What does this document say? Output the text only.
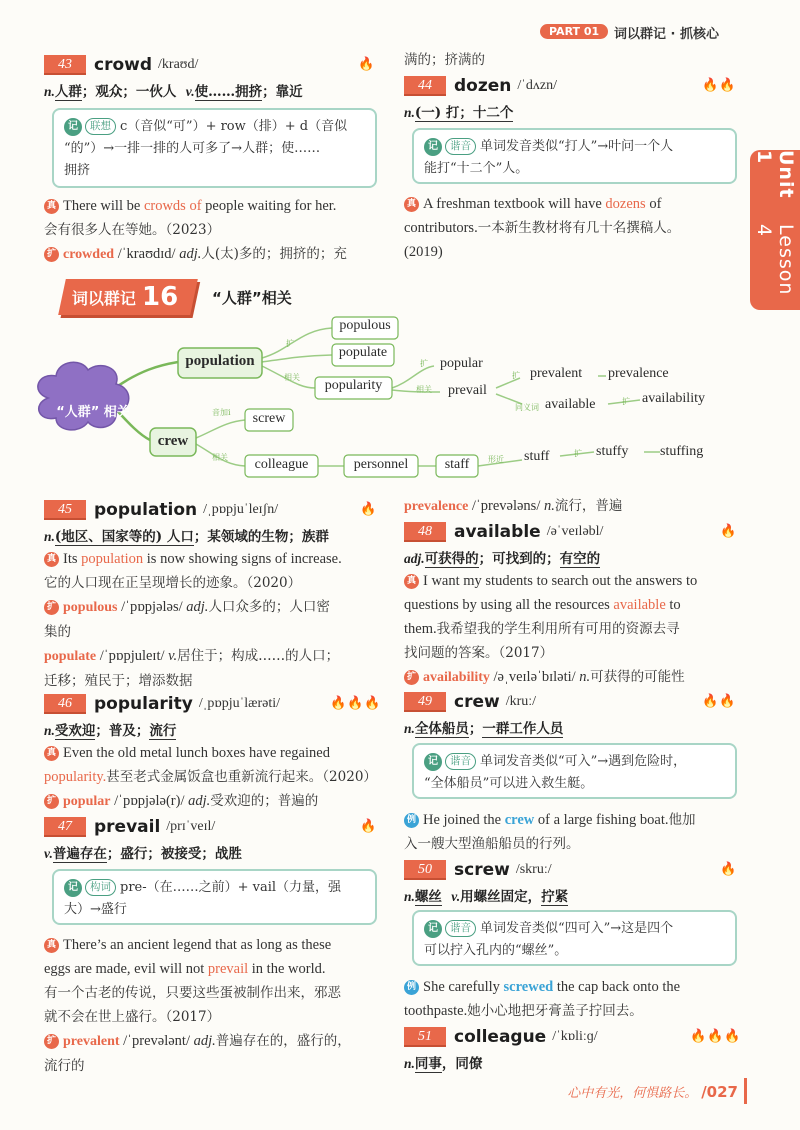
PART 01	词以群记 · 抓核心
Unit 1
Lesson 4
43	crowd /kraʊd/	🔥
n.人群；观众；一伙人 v.使……拥挤；靠近
记 联想 c（音似“可”）+ row（排）+ d（音似
“的”）→一排一排的人可多了→人群；使……
拥挤
真 There will be crowds of people waiting for her.
会有很多人在等她。（2023）
扩 crowded /ˈkraʊdɪd/ adj.人(太)多的；拥挤的；充
满的；挤满的
44	dozen /ˈdʌzn/	🔥🔥
n.(一) 打；十二个
记 谐音 单词发音类似“打人”→叶问一个人
能打“十二个”人。
真 A freshman textbook will have dozens of
contributors.一本新生教材将有几十名撰稿人。
(2019)
词以群记 16 “人群”相关
“人群” 相关
population
crew
populous
populate
popularity
popular
prevail
prevalent prevalence
available	availability
screw
colleague	personnel	staff
stuff	stuffy stuffing
扩
相关
扩
相关
扩
同义词
扩
音加i
相关	形近
扩
45	population /ˌpɒpjuˈleɪʃn/	🔥
n.(地区、国家等的) 人口；某领域的生物；族群
真 Its population is now showing signs of increase.
它的人口现在正呈现增长的迹象。（2020）
扩 populous /ˈpɒpjələs/ adj.人口众多的；人口密
集的
populate /ˈpɒpjuleɪt/ v.居住于；构成……的人口；
迁移；殖民于；增添数据
46	popularity /ˌpɒpjuˈlærəti/	🔥🔥🔥
n.受欢迎；普及；流行
真 Even the old metal lunch boxes have regained
popularity.甚至老式金属饭盒也重新流行起来。（2020）
扩 popular /ˈpɒpjələ(r)/ adj.受欢迎的；普遍的
47	prevail /prɪˈveɪl/	🔥
v.普遍存在；盛行；被接受；战胜
记 构词 pre-（在……之前）+ vail（力量，强
大）→盛行
真 There’s an ancient legend that as long as these
eggs are made, evil will not prevail in the world.
有一个古老的传说，只要这些蛋被制作出来，邪恶
就不会在世上盛行。（2017）
扩 prevalent /ˈprevələnt/ adj.普遍存在的，盛行的，
流行的
prevalence /ˈprevələns/ n.流行，普遍
48	available /əˈveɪləbl/	🔥
adj.可获得的；可找到的；有空的
真 I want my students to search out the answers to
questions by using all the resources available to
them.我希望我的学生利用所有可用的资源去寻
找问题的答案。（2017）
扩 availability /əˌveɪləˈbɪləti/ n.可获得的可能性
49	crew /kruː/	🔥🔥
n.全体船员；一群工作人员
记 谐音 单词发音类似“可入”→遇到危险时，
“全体船员”可以进入救生艇。
例 He joined the crew of a large fishing boat.他加
入一艘大型渔船船员的行列。
50	screw /skruː/	🔥
n.螺丝 v.用螺丝固定，拧紧
记 谐音 单词发音类似“四可入”→这是四个
可以拧入孔内的“螺丝”。
例 She carefully screwed the cap back onto the
toothpaste.她小心地把牙膏盖子拧回去。
51	colleague /ˈkɒliːɡ/	🔥🔥🔥
n.同事，同僚
心中有光，何惧路长。 /027
